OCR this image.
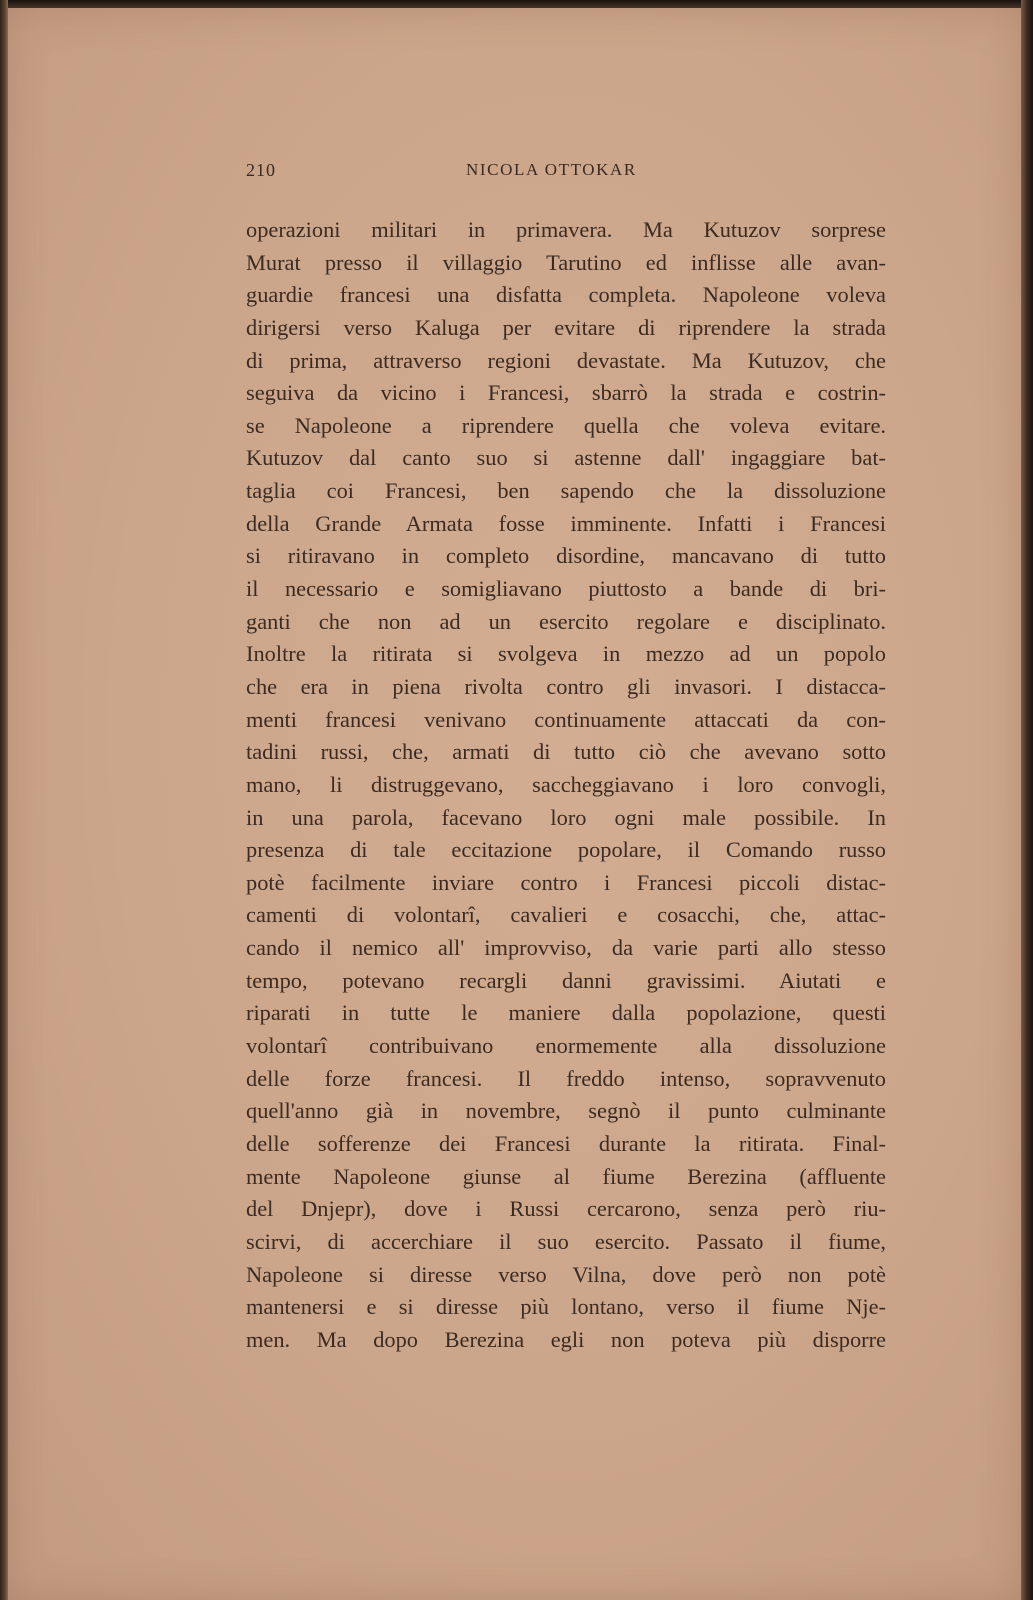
210	NICOLA OTTOKAR
operazioni militari in primavera. Ma Kutuzov sorprese
Murat presso il villaggio Tarutino ed inflisse alle avan-
guardie francesi una disfatta completa. Napoleone voleva
dirigersi verso Kaluga per evitare di riprendere la strada
di prima, attraverso regioni devastate. Ma Kutuzov, che
seguiva da vicino i Francesi, sbarrò la strada e costrin-
se Napoleone a riprendere quella che voleva evitare.
Kutuzov dal canto suo si astenne dall' ingaggiare bat-
taglia coi Francesi, ben sapendo che la dissoluzione
della Grande Armata fosse imminente. Infatti i Francesi
si ritiravano in completo disordine, mancavano di tutto
il necessario e somigliavano piuttosto a bande di bri-
ganti che non ad un esercito regolare e disciplinato.
Inoltre la ritirata si svolgeva in mezzo ad un popolo
che era in piena rivolta contro gli invasori. I distacca-
menti francesi venivano continuamente attaccati da con-
tadini russi, che, armati di tutto ciò che avevano sotto
mano, li distruggevano, saccheggiavano i loro convogli,
in una parola, facevano loro ogni male possibile. In
presenza di tale eccitazione popolare, il Comando russo
potè facilmente inviare contro i Francesi piccoli distac-
camenti di volontarî, cavalieri e cosacchi, che, attac-
cando il nemico all' improvviso, da varie parti allo stesso
tempo, potevano recargli danni gravissimi. Aiutati e
riparati in tutte le maniere dalla popolazione, questi
volontarî contribuivano enormemente alla dissoluzione
delle forze francesi. Il freddo intenso, sopravvenuto
quell'anno già in novembre, segnò il punto culminante
delle sofferenze dei Francesi durante la ritirata. Final-
mente Napoleone giunse al fiume Berezina (affluente
del Dnjepr), dove i Russi cercarono, senza però riu-
scirvi, di accerchiare il suo esercito. Passato il fiume,
Napoleone si diresse verso Vilna, dove però non potè
mantenersi e si diresse più lontano, verso il fiume Nje-
men. Ma dopo Berezina egli non poteva più disporre
